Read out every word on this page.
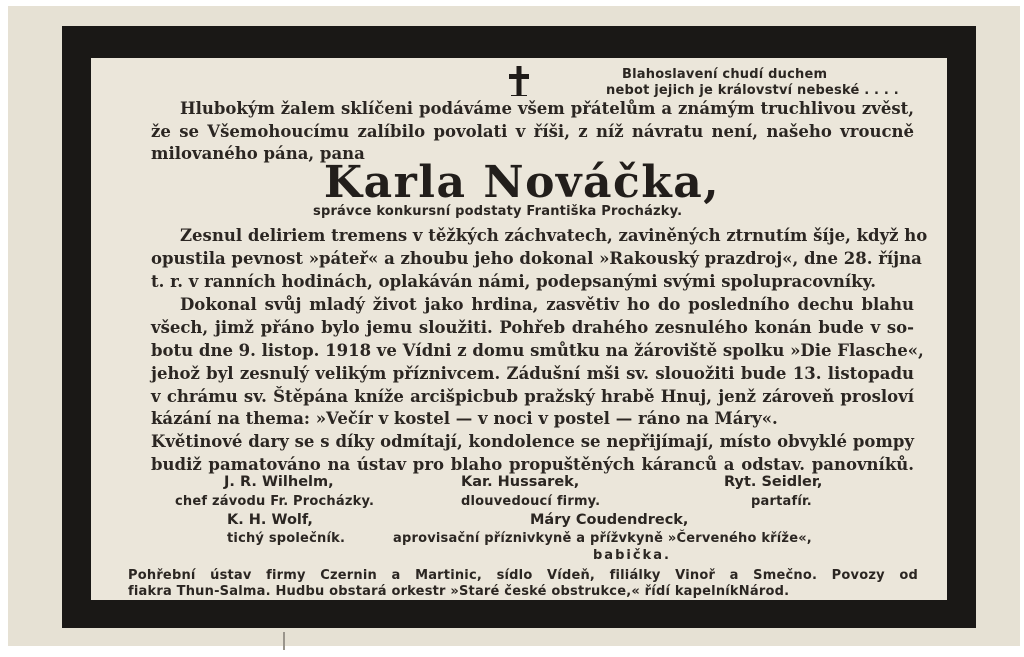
Blahoslavení chudí duchem
nebot jejich je království nebeské . . . .
Hlubokým žalem sklíčeni podáváme všem přátelům a známým truchlivou zvěst,
že se Všemohoucímu zalíbilo povolati v říši, z níž návratu není, našeho vroucně
milovaného pána, pana
Karla Nováčka,
správce konkursní podstaty Františka Procházky.
Zesnul deliriem tremens v těžkých záchvatech, zaviněných ztrnutím šíje, když ho
opustila pevnost »páteř« a zhoubu jeho dokonal »Rakouský prazdroj«, dne 28. října
t. r. v ranních hodinách, oplakáván námi, podepsanými svými spolupracovníky.
Dokonal svůj mladý život jako hrdina, zasvětiv ho do posledního dechu blahu
všech, jimž přáno bylo jemu sloužiti. Pohřeb drahého zesnulého konán bude v so-
botu dne 9. listop. 1918 ve Vídni z domu smůtku na žároviště spolku »Die Flasche«,
jehož byl zesnulý velikým příznivcem. Zádušní mši sv. slouožiti bude 13. listopadu
v chrámu sv. Štěpána kníže arcišpicbub pražský hrabě Hnuj, jenž zároveň prosloví
kázání na thema: »Večír v kostel — v noci v postel — ráno na Máry«.
Květinové dary se s díky odmítají, kondolence se nepřijímají, místo obvyklé pompy
budiž pamatováno na ústav pro blaho propuštěných káranců a odstav. panovníků.
J. R. Wilhelm,
chef závodu Fr. Procházky.
Kar. Hussarek,
dlouvedoucí firmy.
Ryt. Seidler,
partafír.
K. H. Wolf,
tichý společník.
Máry Coudendreck,
aprovisační příznivkyně a přížvkyně »Červeného kříže«,
babička.
Pohřební ústav firmy Czernin a Martinic, sídlo Vídeň, filiálky Vinoř a Smečno. Povozy od
fiakra Thun-Salma. Hudbu obstará orkestr »Staré české obstrukce,« řídí kapelníkNárod.
